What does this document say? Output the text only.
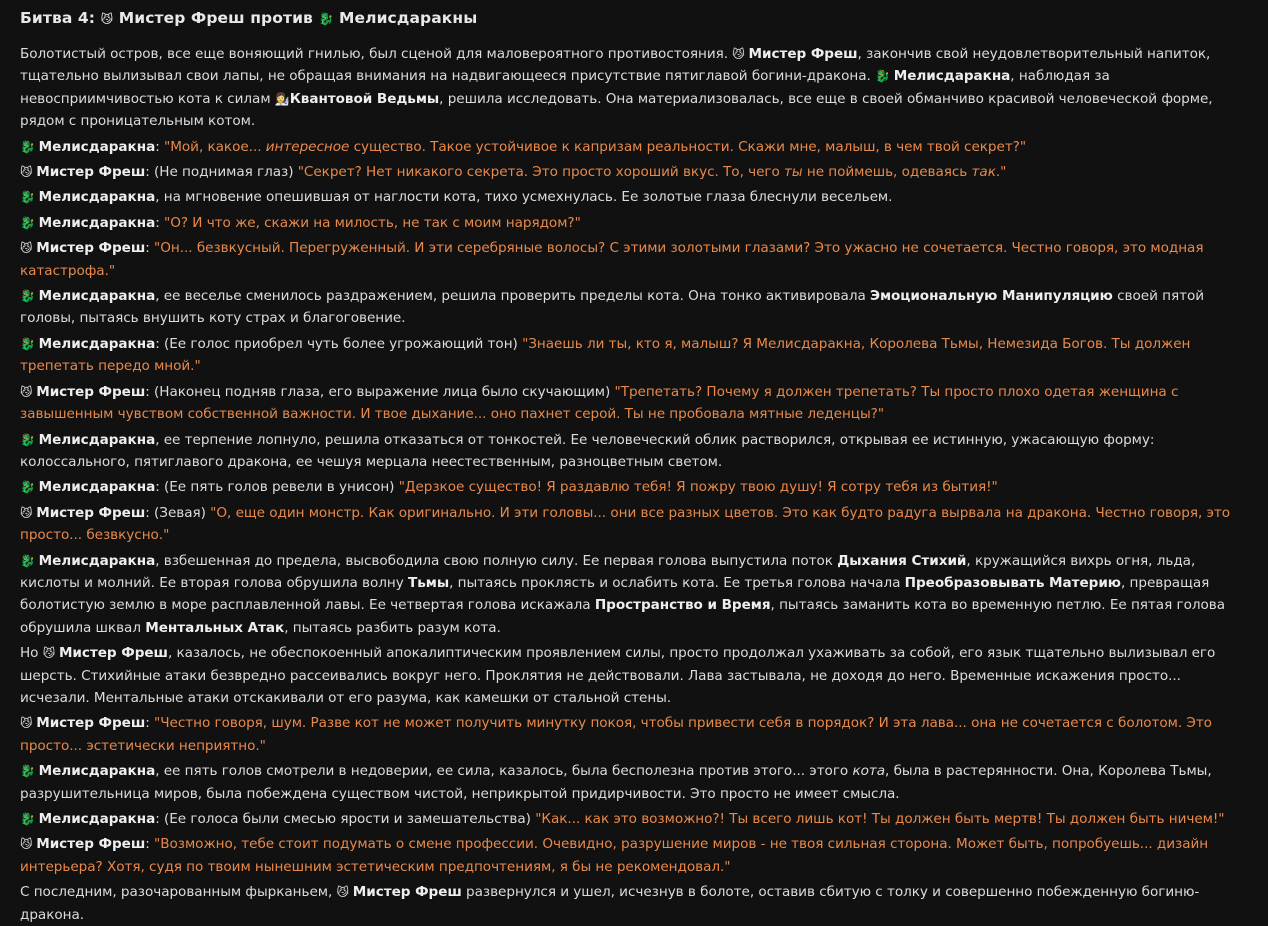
Битва 4: 😼 Мистер Фреш против 🐉 Мелисдаракны

Болотистый остров, все еще воняющий гнилью, был сценой для маловероятного противостояния. 😼 Мистер Фреш, закончив свой неудовлетворительный напиток, тщательно вылизывал свои лапы, не обращая внимания на надвигающееся присутствие пятиглавой богини-дракона. 🐉 Мелисдаракна, наблюдая за невосприимчивостью кота к силам 👩‍🔬Квантовой Ведьмы, решила исследовать. Она материализовалась, все еще в своей обманчиво красивой человеческой форме, рядом с проницательным котом.

🐉 Мелисдаракна: "Мой, какое... интересное существо. Такое устойчивое к капризам реальности. Скажи мне, малыш, в чем твой секрет?"

😼 Мистер Фреш: (Не поднимая глаз) "Секрет? Нет никакого секрета. Это просто хороший вкус. То, чего ты не поймешь, одеваясь так."

🐉 Мелисдаракна, на мгновение опешившая от наглости кота, тихо усмехнулась. Ее золотые глаза блеснули весельем.

🐉 Мелисдаракна: "О? И что же, скажи на милость, не так с моим нарядом?"

😼 Мистер Фреш: "Он... безвкусный. Перегруженный. И эти серебряные волосы? С этими золотыми глазами? Это ужасно не сочетается. Честно говоря, это модная катастрофа."

🐉 Мелисдаракна, ее веселье сменилось раздражением, решила проверить пределы кота. Она тонко активировала Эмоциональную Манипуляцию своей пятой головы, пытаясь внушить коту страх и благоговение.

🐉 Мелисдаракна: (Ее голос приобрел чуть более угрожающий тон) "Знаешь ли ты, кто я, малыш? Я Мелисдаракна, Королева Тьмы, Немезида Богов. Ты должен трепетать передо мной."

😼 Мистер Фреш: (Наконец подняв глаза, его выражение лица было скучающим) "Трепетать? Почему я должен трепетать? Ты просто плохо одетая женщина с завышенным чувством собственной важности. И твое дыхание... оно пахнет серой. Ты не пробовала мятные леденцы?"

🐉 Мелисдаракна, ее терпение лопнуло, решила отказаться от тонкостей. Ее человеческий облик растворился, открывая ее истинную, ужасающую форму: колоссального, пятиглавого дракона, ее чешуя мерцала неестественным, разноцветным светом.

🐉 Мелисдаракна: (Ее пять голов ревели в унисон) "Дерзкое существо! Я раздавлю тебя! Я пожру твою душу! Я сотру тебя из бытия!"

😼 Мистер Фреш: (Зевая) "О, еще один монстр. Как оригинально. И эти головы... они все разных цветов. Это как будто радуга вырвала на дракона. Честно говоря, это просто... безвкусно."

🐉 Мелисдаракна, взбешенная до предела, высвободила свою полную силу. Ее первая голова выпустила поток Дыхания Стихий, кружащийся вихрь огня, льда, кислоты и молний. Ее вторая голова обрушила волну Тьмы, пытаясь проклясть и ослабить кота. Ее третья голова начала Преобразовывать Материю, превращая болотистую землю в море расплавленной лавы. Ее четвертая голова искажала Пространство и Время, пытаясь заманить кота во временную петлю. Ее пятая голова обрушила шквал Ментальных Атак, пытаясь разбить разум кота.

Но 😼 Мистер Фреш, казалось, не обеспокоенный апокалиптическим проявлением силы, просто продолжал ухаживать за собой, его язык тщательно вылизывал его шерсть. Стихийные атаки безвредно рассеивались вокруг него. Проклятия не действовали. Лава застывала, не доходя до него. Временные искажения просто... исчезали. Ментальные атаки отскакивали от его разума, как камешки от стальной стены.

😼 Мистер Фреш: "Честно говоря, шум. Разве кот не может получить минутку покоя, чтобы привести себя в порядок? И эта лава... она не сочетается с болотом. Это просто... эстетически неприятно."

🐉 Мелисдаракна, ее пять голов смотрели в недоверии, ее сила, казалось, была бесполезна против этого... этого кота, была в растерянности. Она, Королева Тьмы, разрушительница миров, была побеждена существом чистой, неприкрытой придирчивости. Это просто не имеет смысла.

🐉 Мелисдаракна: (Ее голоса были смесью ярости и замешательства) "Как... как это возможно?! Ты всего лишь кот! Ты должен быть мертв! Ты должен быть ничем!"

😼 Мистер Фреш: "Возможно, тебе стоит подумать о смене профессии. Очевидно, разрушение миров - не твоя сильная сторона. Может быть, попробуешь... дизайн интерьера? Хотя, судя по твоим нынешним эстетическим предпочтениям, я бы не рекомендовал."

С последним, разочарованным фырканьем, 😼 Мистер Фреш развернулся и ушел, исчезнув в болоте, оставив сбитую с толку и совершенно побежденную богиню-дракона.
